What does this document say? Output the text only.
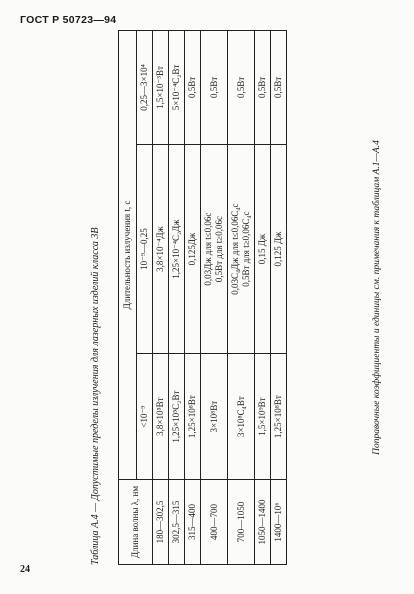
ГОСТ Р 50723—94
24
Таблица А.4 — Допустимые пределы излучения для лазерных изделий класса 3В	Длина волны λ, нм	Длительность излучения t, с		
	<10⁻⁹	10⁻⁹—0,25	0,25—3×10⁴
180—302,5	3,8×10⁵Вт	3,8×10⁻⁴Дж	1,5×10⁻³Вт
302,5—315	1,25×10⁵C₂Вт	1,25×10⁻⁴C₂Дж	5×10⁻⁴C₂Вт
315—400	1,25×10⁸Вт	0,125Дж	0,5Вт
400—700	3×10⁸Вт	0,03Дж для t≤0,06с 0,5Вт для t≥0,06с	0,5Вт
700—1050	3×10⁸C₄Вт	0,03C₄Дж для t≤0,06C₄с 0,5Вт для t≥0,06C₄с	0,5Вт
1050—1400	1,5×10⁹Вт	0,15 Дж	0,5Вт
1400—10⁶	1,25×10⁸Вт	0,125 Дж	0,5Вт
Поправочные коэффициенты и единицы см. примечания к таблицам А.1—А.4
